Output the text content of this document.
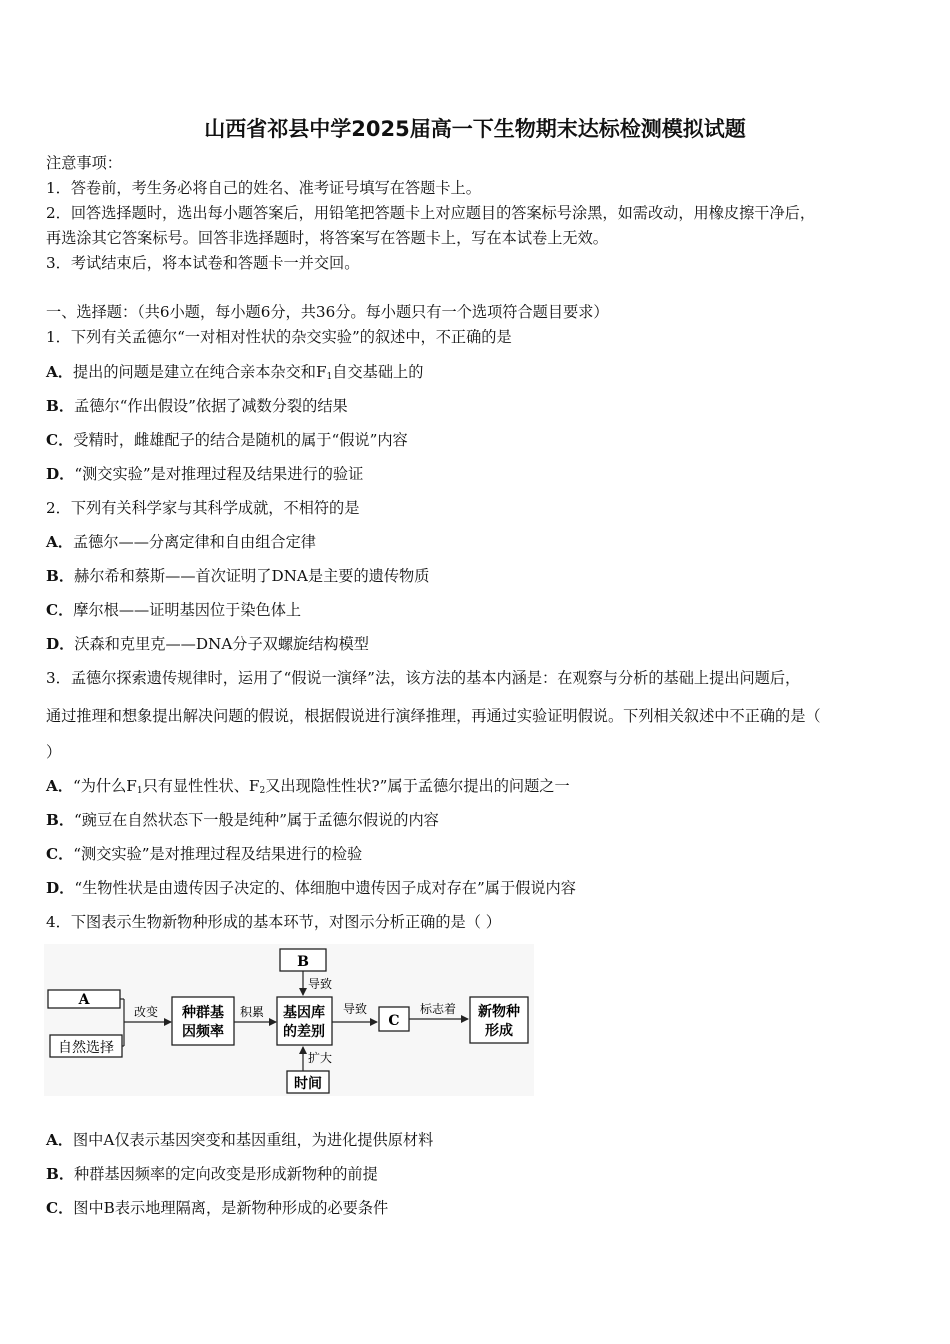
山西省祁县中学2025届高一下生物期末达标检测模拟试题
注意事项：
1．答卷前，考生务必将自己的姓名、准考证号填写在答题卡上。
2．回答选择题时，选出每小题答案后，用铅笔把答题卡上对应题目的答案标号涂黑，如需改动，用橡皮擦干净后，
再选涂其它答案标号。回答非选择题时，将答案写在答题卡上，写在本试卷上无效。
3．考试结束后，将本试卷和答题卡一并交回。
一、选择题：（共6小题，每小题6分，共36分。每小题只有一个选项符合题目要求）
1．下列有关孟德尔“一对相对性状的杂交实验”的叙述中，不正确的是
A．提出的问题是建立在纯合亲本杂交和$F_1$自交基础上的
B．孟德尔“作出假设”依据了减数分裂的结果
C．受精时，雌雄配子的结合是随机的属于“假说”内容
D．“测交实验”是对推理过程及结果进行的验证
2．下列有关科学家与其科学成就，不相符的是
A．孟德尔——分离定律和自由组合定律
B．赫尔希和蔡斯——首次证明了DNA是主要的遗传物质
C．摩尔根——证明基因位于染色体上
D．沃森和克里克——DNA分子双螺旋结构模型
3．孟德尔探索遗传规律时，运用了“假说一演绎”法，该方法的基本内涵是：在观察与分析的基础上提出问题后，
通过推理和想象提出解决问题的假说，根据假说进行演绎推理，再通过实验证明假说。下列相关叙述中不正确的是（
）
A．“为什么$F_1$只有显性性状、$F_2$又出现隐性性状?”属于孟德尔提出的问题之一
B．“豌豆在自然状态下一般是纯种”属于孟德尔假说的内容
C．“测交实验”是对推理过程及结果进行的检验
D．“生物性状是由遗传因子决定的、体细胞中遗传因子成对存在”属于假说内容
4．下图表示生物新物种形成的基本环节，对图示分析正确的是（ ）
A
自然选择
改变 种群基
因频率
积累
B
导致
基因库
的差别
时间
扩大
导致
C
标志着 新物种
形成
A．图中A仅表示基因突变和基因重组，为进化提供原材料
B．种群基因频率的定向改变是形成新物种的前提
C．图中B表示地理隔离，是新物种形成的必要条件
